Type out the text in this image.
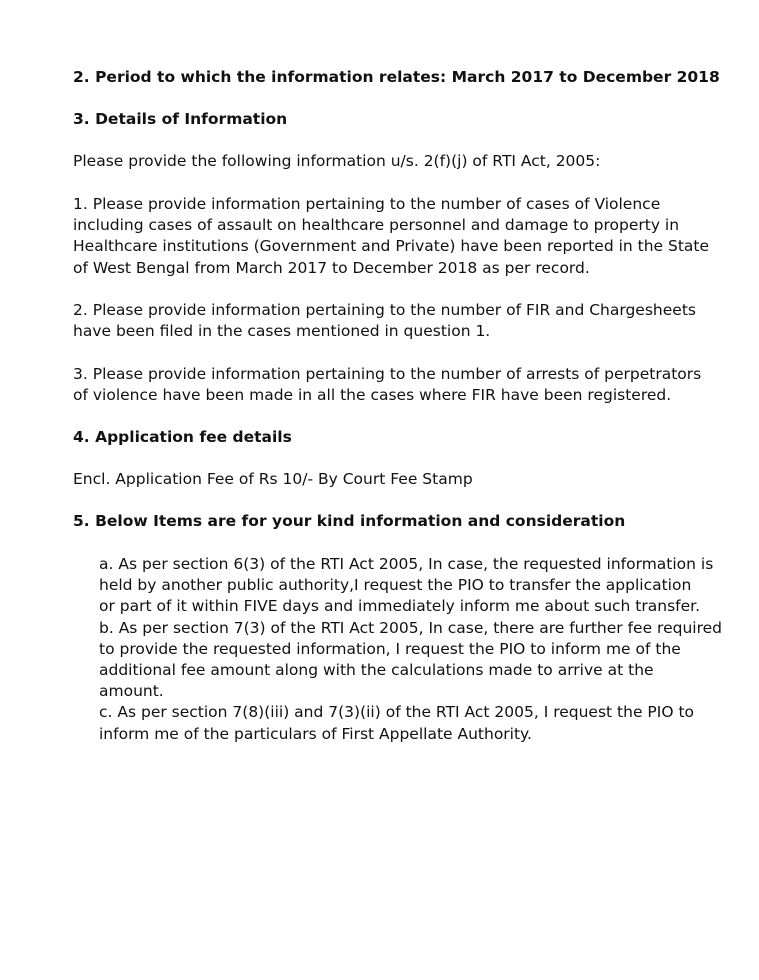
2. Period to which the information relates: March 2017 to December 2018
3. Details of Information
Please provide the following information u/s. 2(f)(j) of RTI Act, 2005:
1. Please provide information pertaining to the number of cases of Violence
including cases of assault on healthcare personnel and damage to property in
Healthcare institutions (Government and Private) have been reported in the State
of West Bengal from March 2017 to December 2018 as per record.
2. Please provide information pertaining to the number of FIR and Chargesheets
have been filed in the cases mentioned in question 1.
3. Please provide information pertaining to the number of arrests of perpetrators
of violence have been made in all the cases where FIR have been registered.
4. Application fee details
Encl. Application Fee of Rs 10/- By Court Fee Stamp
5. Below Items are for your kind information and consideration
a. As per section 6(3) of the RTI Act 2005, In case, the requested information is
held by another public authority,I request the PIO to transfer the application
or part of it within FIVE days and immediately inform me about such transfer.
b. As per section 7(3) of the RTI Act 2005, In case, there are further fee required
to provide the requested information, I request the PIO to inform me of the
additional fee amount along with the calculations made to arrive at the
amount.
c. As per section 7(8)(iii) and 7(3)(ii) of the RTI Act 2005, I request the PIO to
inform me of the particulars of First Appellate Authority.
